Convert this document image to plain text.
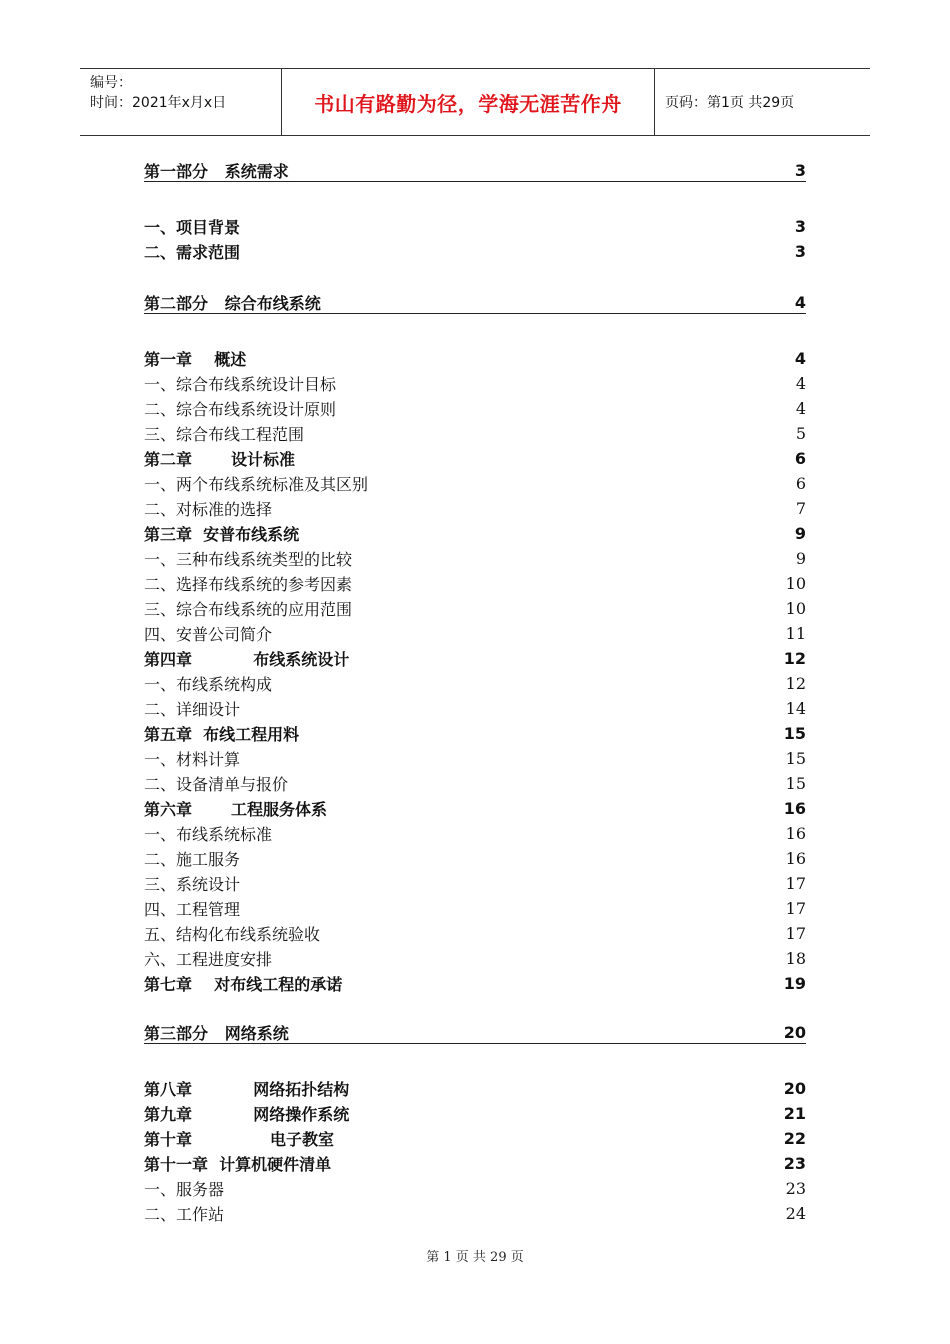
编号：
时间：2021年x月x日	书山有路勤为径，学海无涯苦作舟	页码：第1页 共29页
第一部分   系统需求	3
一、项目背景	3
二、需求范围	3
第二部分   综合布线系统	4
第一章    概述	4
一、综合布线系统设计目标	4
二、综合布线系统设计原则	4
三、综合布线工程范围	5
第二章       设计标准	6
一、两个布线系统标准及其区别	6
二、对标准的选择	7
第三章  安普布线系统	9
一、三种布线系统类型的比较	9
二、选择布线系统的参考因素	10
三、综合布线系统的应用范围	10
四、安普公司简介	11
第四章           布线系统设计	12
一、布线系统构成	12
二、详细设计	14
第五章  布线工程用料	15
一、材料计算	15
二、设备清单与报价	15
第六章       工程服务体系	16
一、布线系统标准	16
二、施工服务	16
三、系统设计	17
四、工程管理	17
五、结构化布线系统验收	17
六、工程进度安排	18
第七章    对布线工程的承诺	19
第三部分   网络系统	20
第八章           网络拓扑结构	20
第九章           网络操作系统	21
第十章              电子教室	22
第十一章  计算机硬件清单	23
一、服务器	23
二、工作站	24
第 1 页 共 29 页
